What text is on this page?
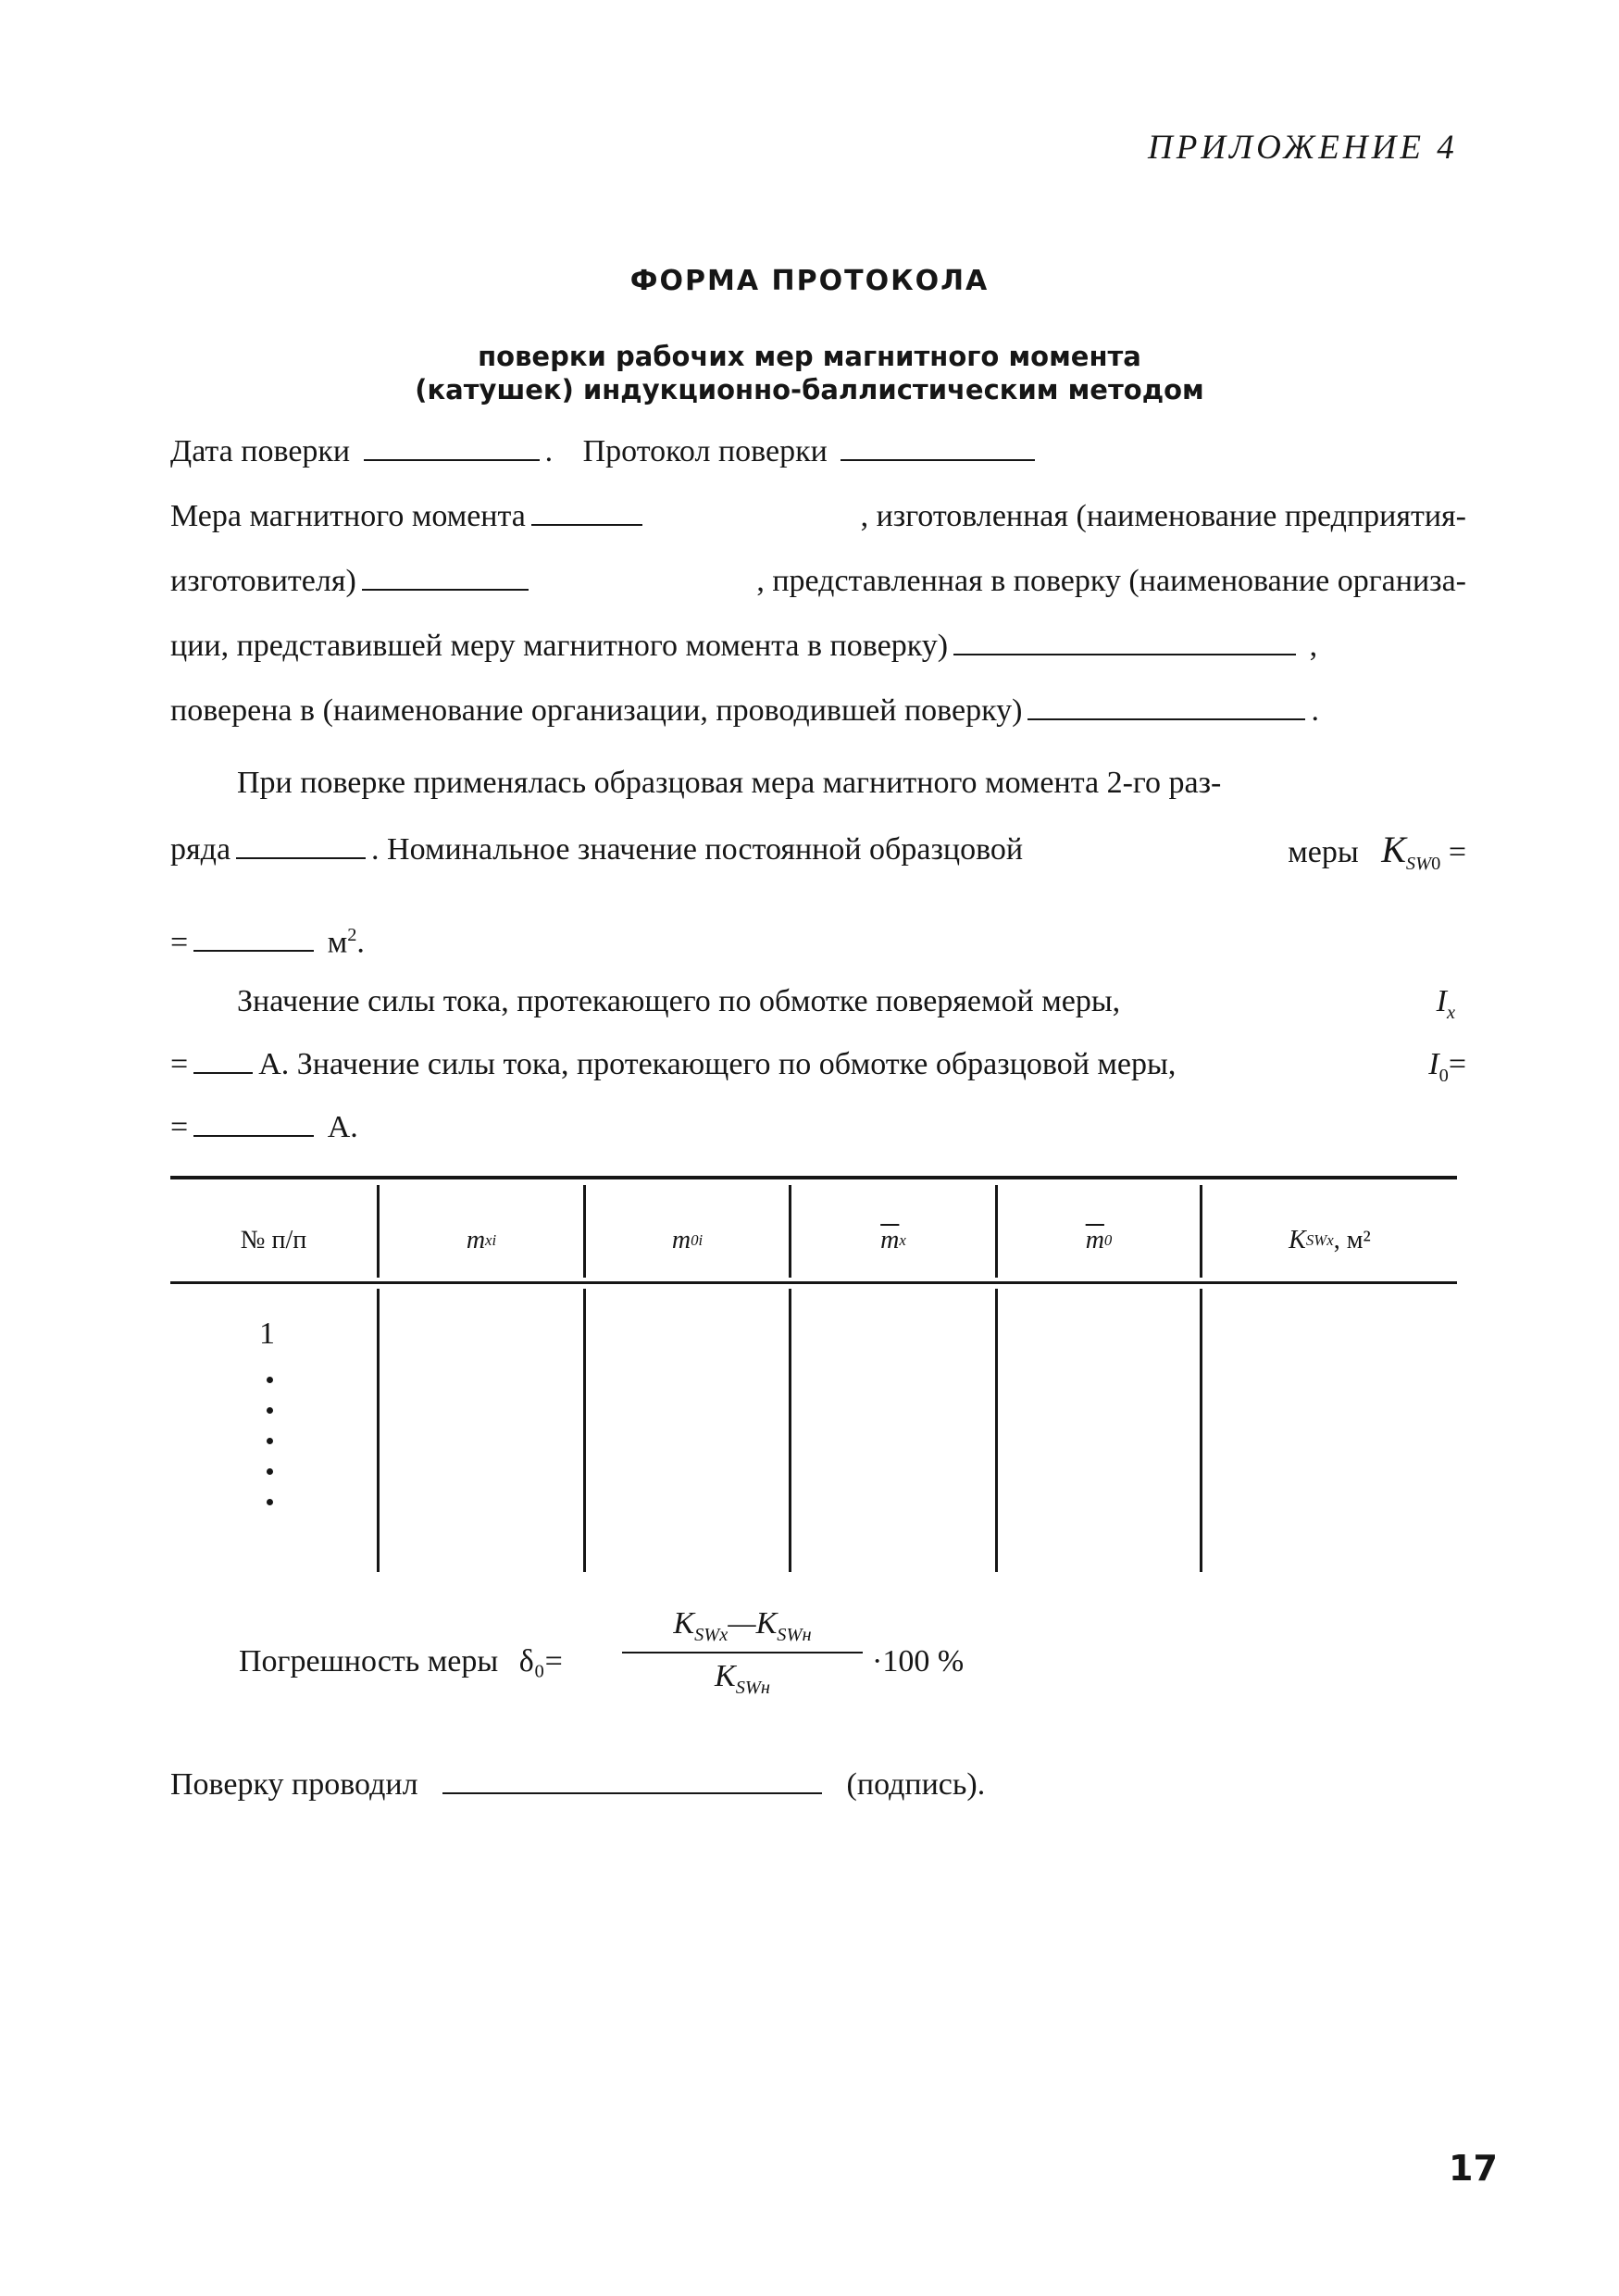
ПРИЛОЖЕНИЕ 4
ФОРМА ПРОТОКОЛА
поверки рабочих мер магнитного момента
(катушек) индукционно-баллистическим методом
Дата поверки	. Протокол поверки
Мера магнитного момента	, изготовленная (наименование предприятия-
изготовителя)	, представленная в поверку (наименование организа-
ции, представившей меру магнитного момента в поверку)	,
поверена в (наименование организации, проводившей поверку)	.
При поверке применялась образцовая мера магнитного момента 2-го раз-
ряда	. Номинальное значение постоянной образцовой	меры $K_{SW0}$ =
=	$м^2$.
Значение силы тока, протекающего по обмотке поверяемой меры,	$I_x$
= А. Значение силы тока, протекающего по обмотке образцовой меры,	$I_0=$
=	А.
№ п/п	m xi	m 0i	$\overline{m}$ x	$\overline{m}$ 0	K SWx , м²
1
Погрешность меры δ₀=
$K_{SWx}—K_{SWн}$
$K_{SWн}$
·100 %
Поверку проводил	(подпись).
17
